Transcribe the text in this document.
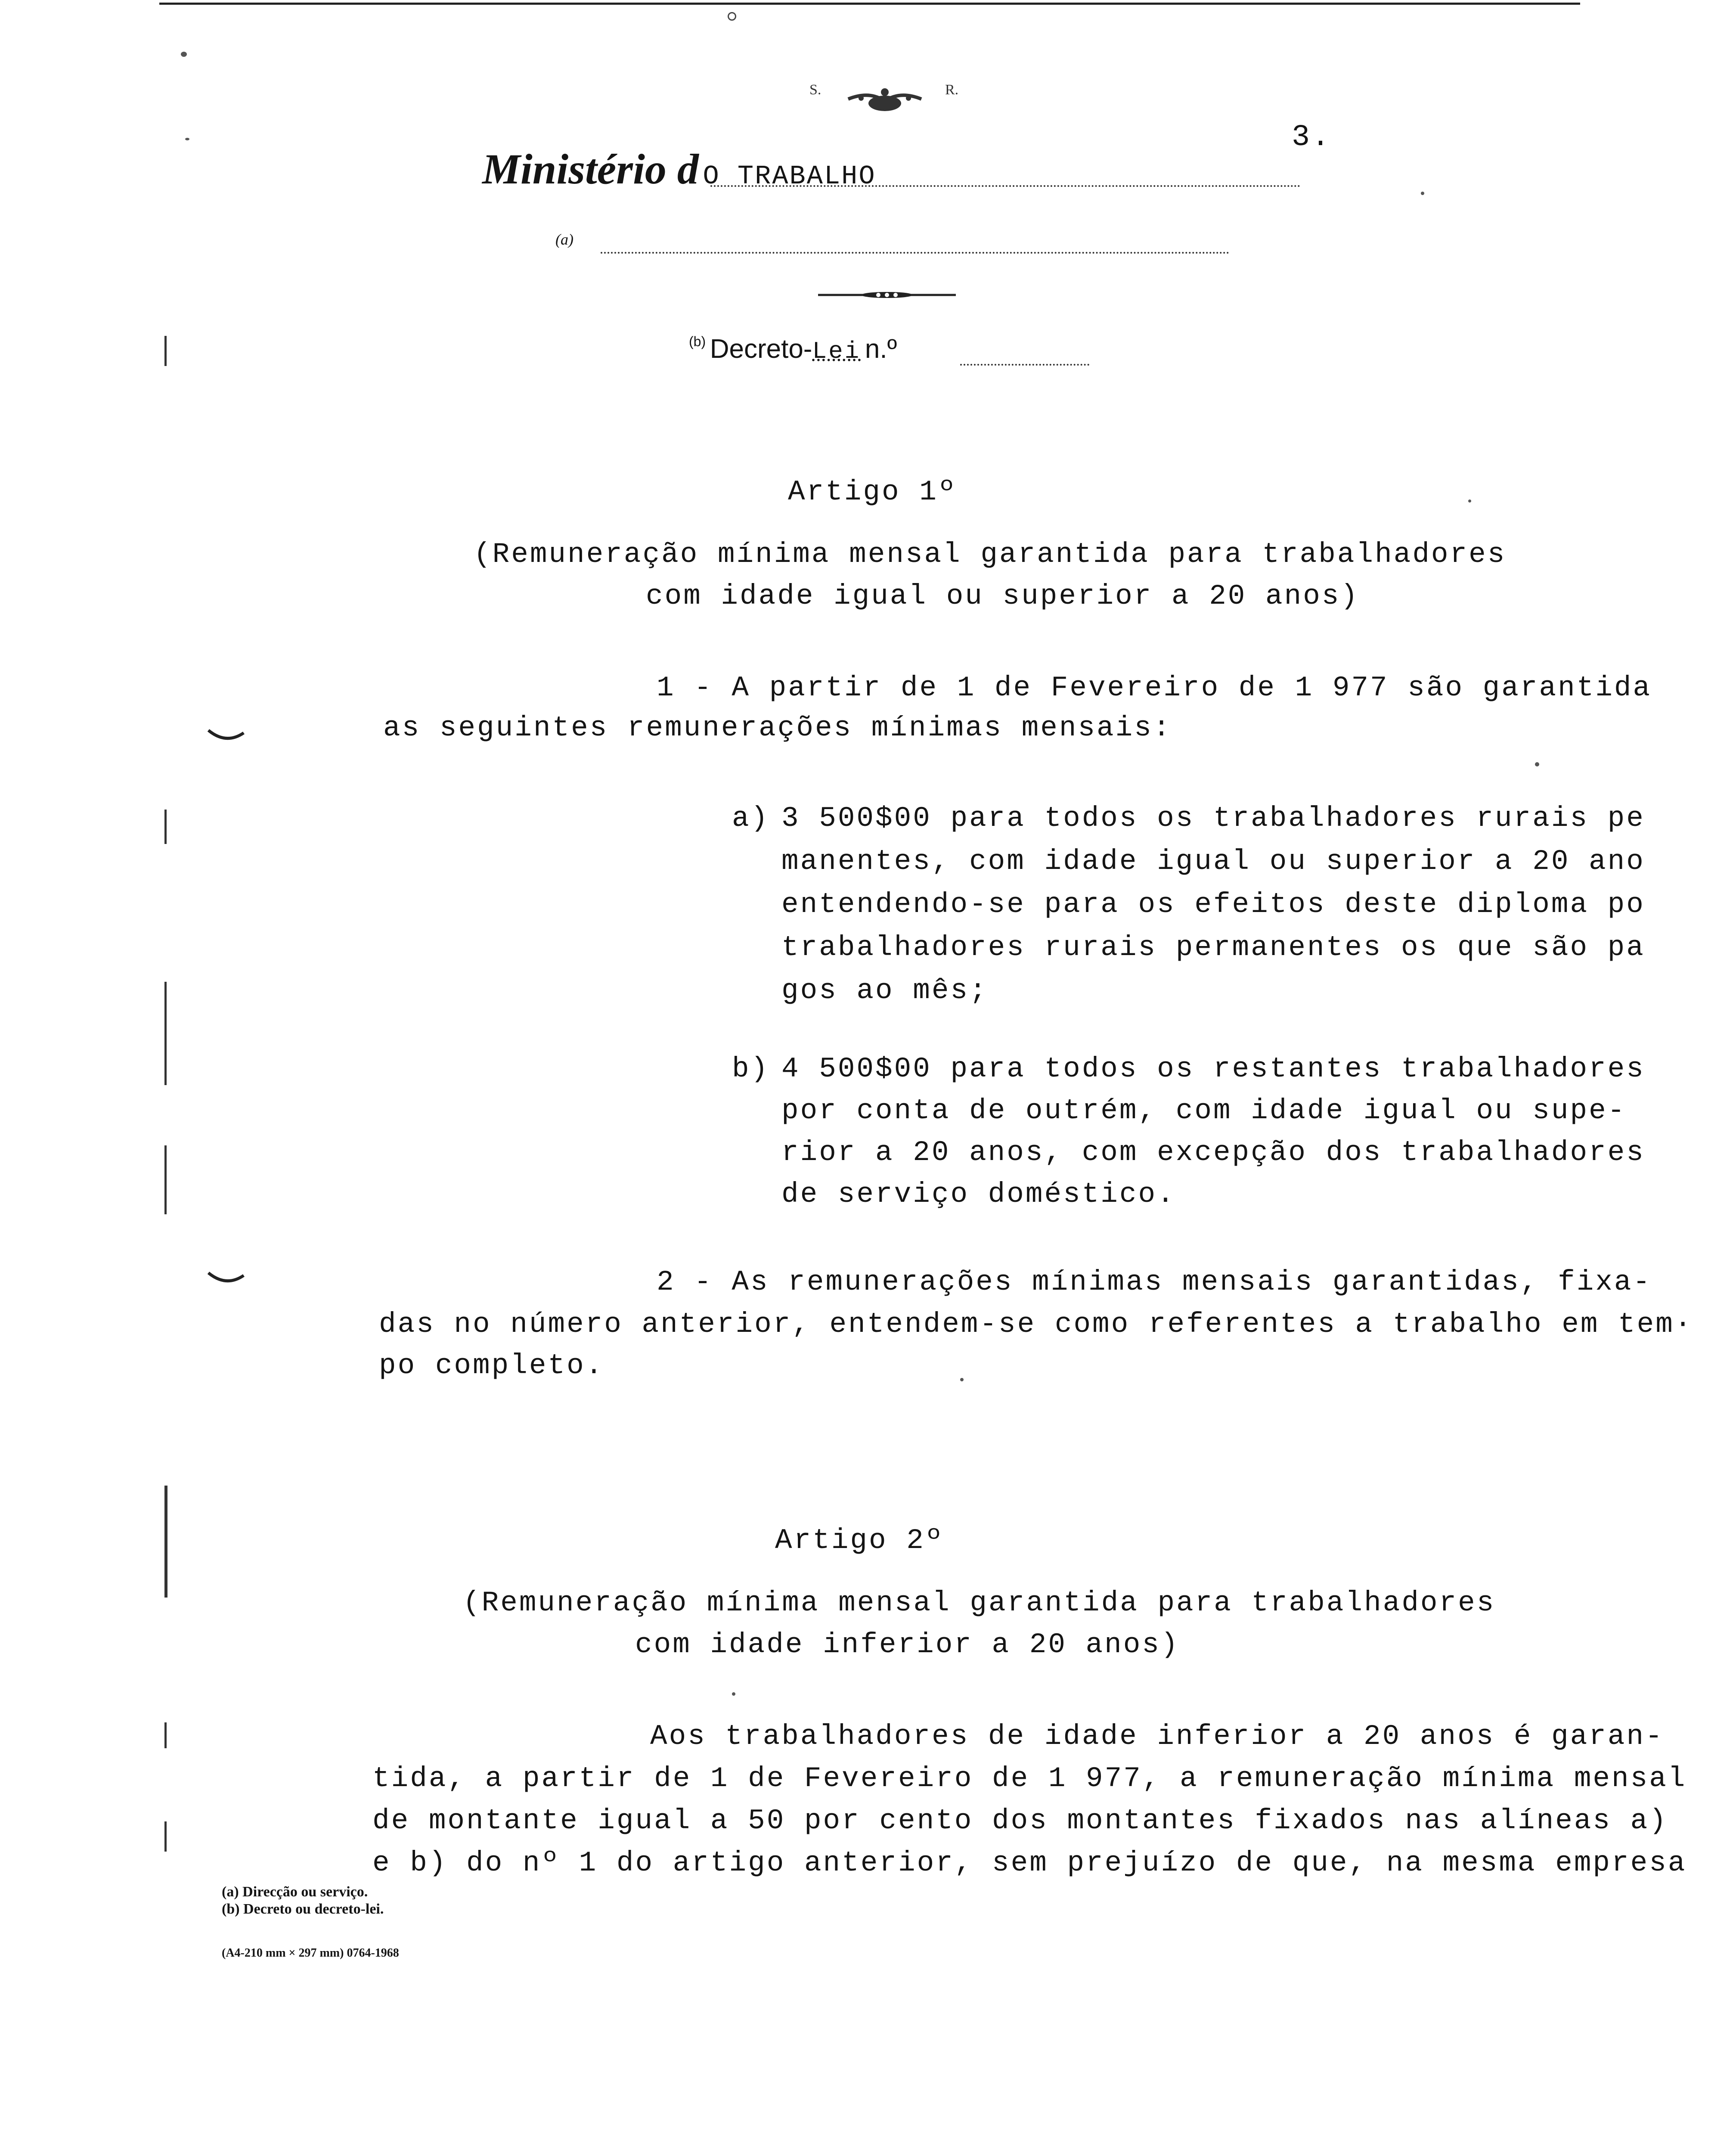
S.	R.
3.
Ministério d O TRABALHO
(a)
(b) Decreto-Lei n.º
Artigo 1º
(Remuneração mínima mensal garantida para trabalhadores
com idade igual ou superior a 20 anos)
1 - A partir de 1 de Fevereiro de 1 977 são garantida
as seguintes remunerações mínimas mensais:
a) 3 500$00 para todos os trabalhadores rurais pe
manentes, com idade igual ou superior a 20 ano
entendendo-se para os efeitos deste diploma po
trabalhadores rurais permanentes os que são pa
gos ao mês;
b) 4 500$00 para todos os restantes trabalhadores
por conta de outrém, com idade igual ou supe-
rior a 20 anos, com excepção dos trabalhadores
de serviço doméstico.
2 - As remunerações mínimas mensais garantidas, fixa-
das no número anterior, entendem-se como referentes a trabalho em tem·
po completo.
Artigo 2º
(Remuneração mínima mensal garantida para trabalhadores
com idade inferior a 20 anos)
Aos trabalhadores de idade inferior a 20 anos é garan-
tida, a partir de 1 de Fevereiro de 1 977, a remuneração mínima mensal
de montante igual a 50 por cento dos montantes fixados nas alíneas a)
e b) do nº 1 do artigo anterior, sem prejuízo de que, na mesma empresa
(a) Direcção ou serviço.
(b) Decreto ou decreto-lei.
(A4-210 mm × 297 mm) 0764-1968
